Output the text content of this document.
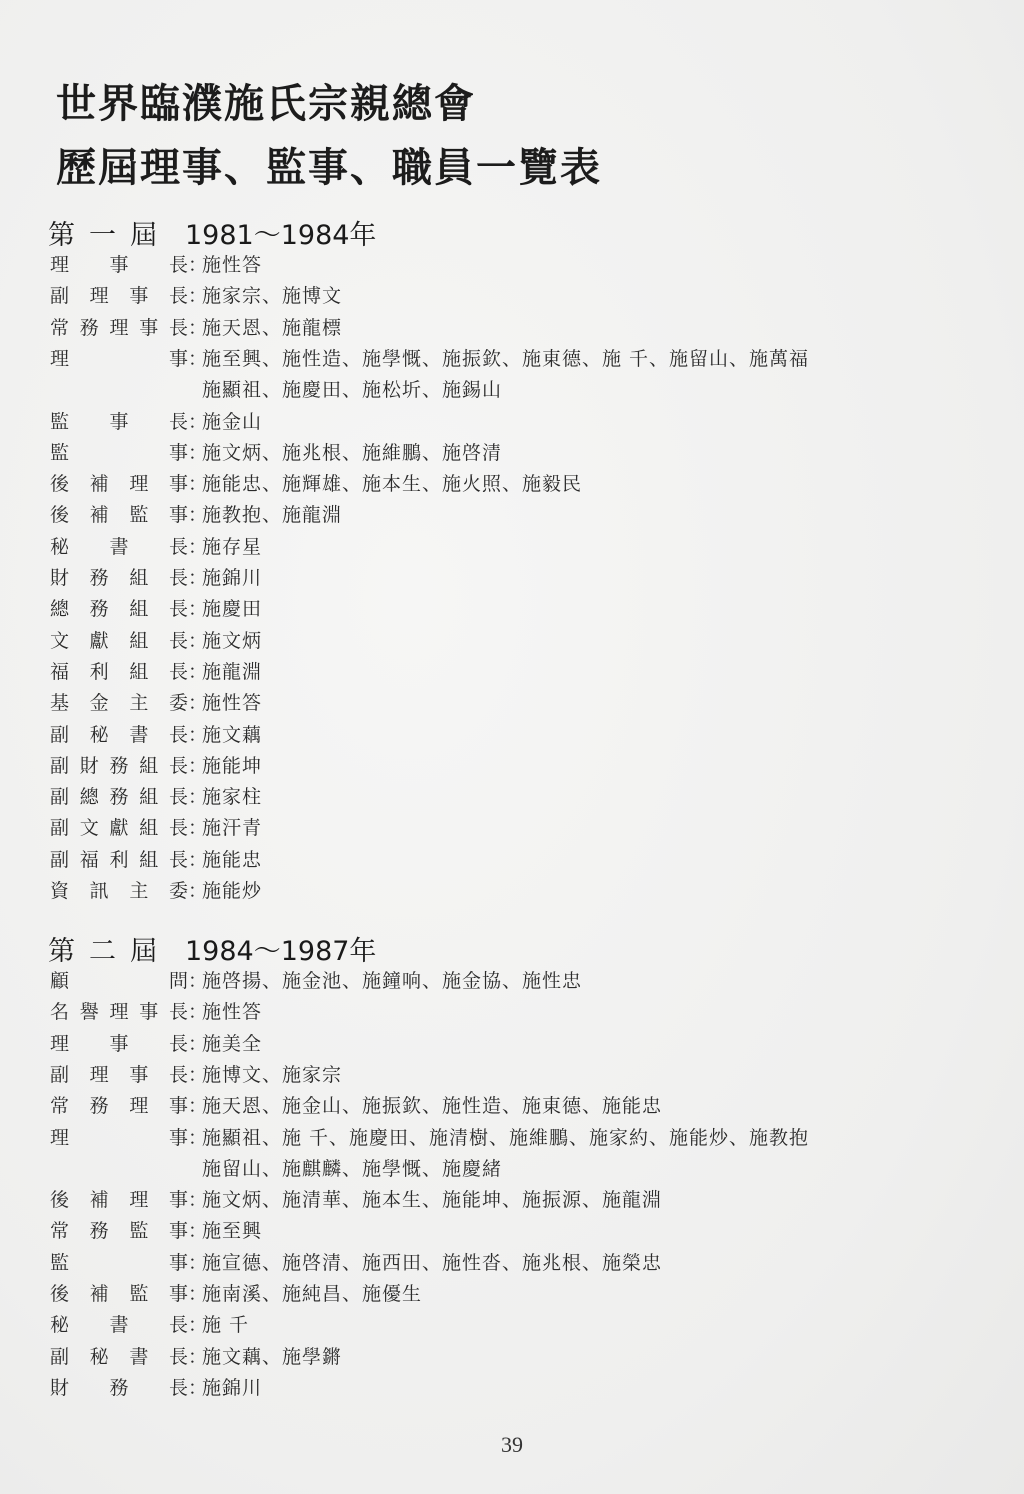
世界臨濮施氏宗親總會
歷屆理事、監事、職員一覽表
第一屆 1981～1984年
理 事 長 ：
施性答
副 理 事 長 ：
施家宗、施博文
常 務 理 事 長 ：
施天恩、施龍標
理	事 ：
施至興、施性造、施學慨、施振欽、施東德、施 千、施留山、施萬福
施顯祖、施慶田、施松圻、施錫山
監 事 長 ：
施金山
監	事 ：
施文炳、施兆根、施維鵬、施啓清
後 補 理 事 ：
施能忠、施輝雄、施本生、施火照、施毅民
後 補 監 事 ：
施教抱、施龍淵
秘 書 長 ：
施存星
財 務 組 長 ：
施錦川
總 務 組 長 ：
施慶田
文 獻 組 長 ：
施文炳
福 利 組 長 ：
施龍淵
基 金 主 委 ：
施性答
副 秘 書 長 ：
施文藕
副 財 務 組 長 ：
施能坤
副 總 務 組 長 ：
施家柱
副 文 獻 組 長 ：
施汗青
副 福 利 組 長 ：
施能忠
資 訊 主 委 ：
施能炒
第二屆 1984～1987年
顧	問 ：
施啓揚、施金池、施鐘响、施金協、施性忠
名 譽 理 事 長 ：
施性答
理 事 長 ：
施美全
副 理 事 長 ：
施博文、施家宗
常 務 理 事 ：
施天恩、施金山、施振欽、施性造、施東德、施能忠
理	事 ：
施顯祖、施 千、施慶田、施清樹、施維鵬、施家約、施能炒、施教抱
施留山、施麒麟、施學慨、施慶緒
後 補 理 事 ：
施文炳、施清華、施本生、施能坤、施振源、施龍淵
常 務 監 事 ：
施至興
監	事 ：
施宣德、施啓清、施西田、施性沓、施兆根、施榮忠
後 補 監 事 ：
施南溪、施純昌、施優生
秘 書 長 ：
施 千
副 秘 書 長 ：
施文藕、施學鏘
財 務 長 ：
施錦川
39
